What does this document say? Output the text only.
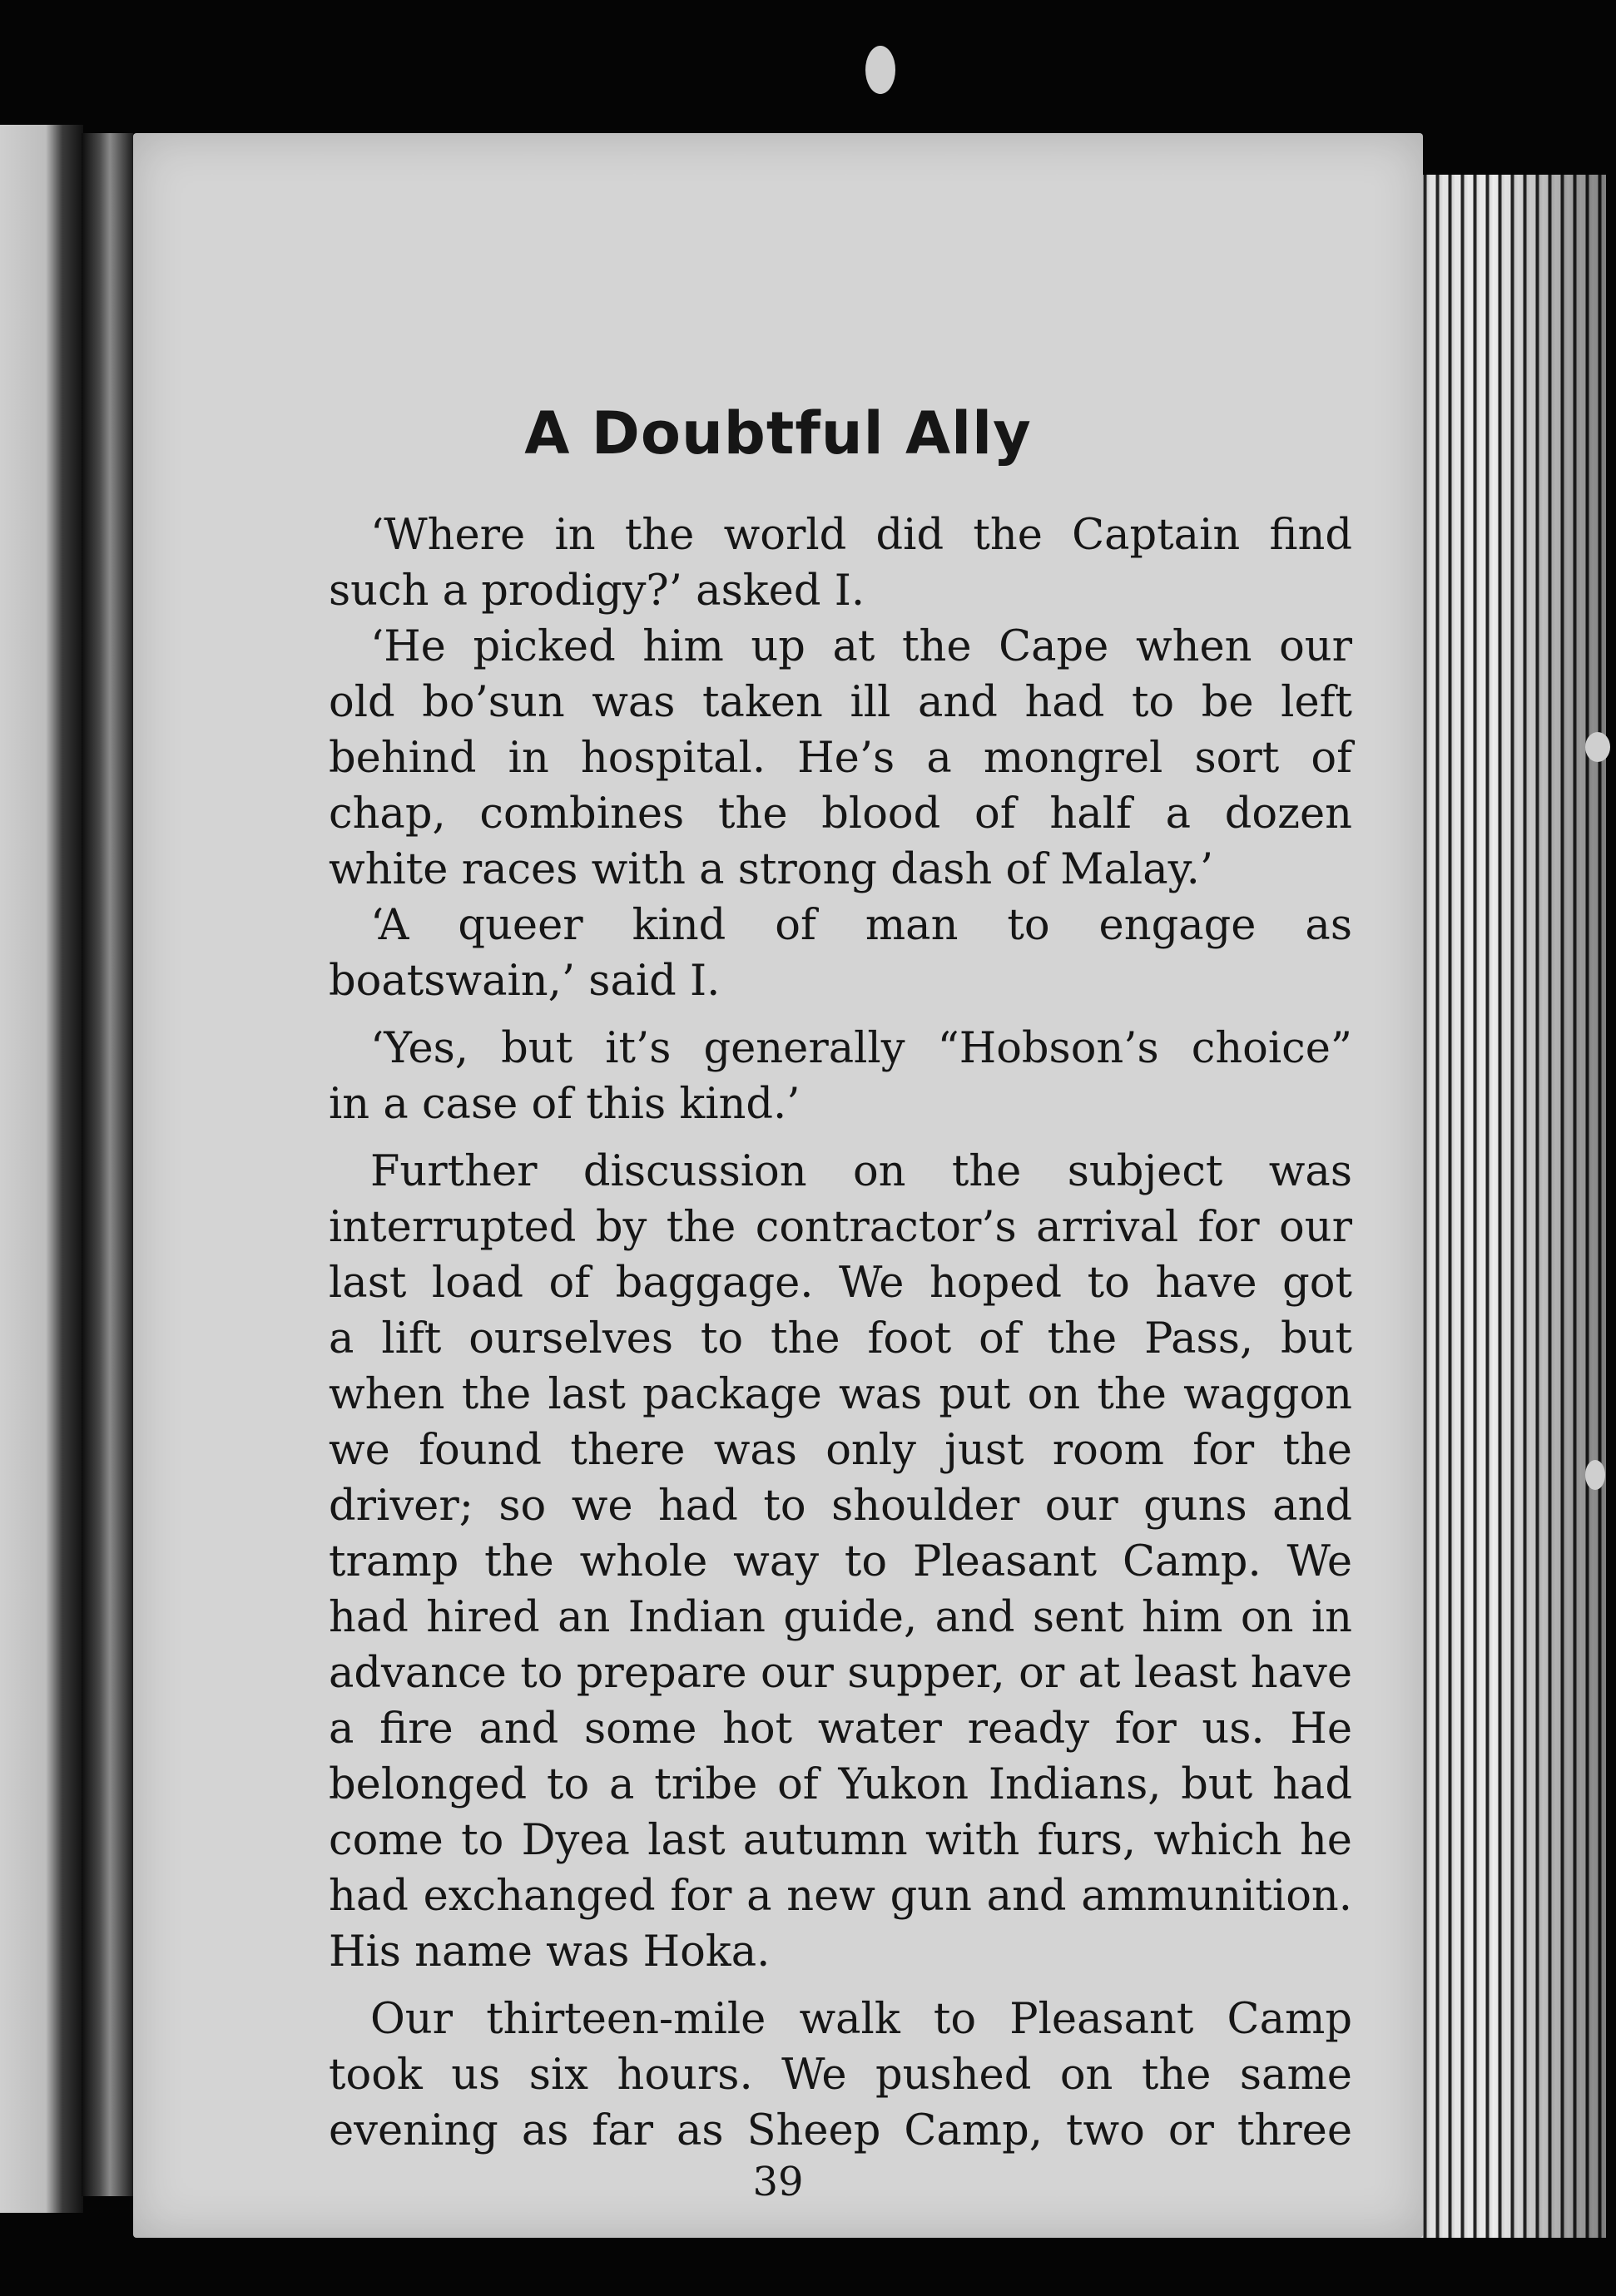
A Doubtful Ally
‘Where in the world did the Captain find
such a prodigy?’ asked I.
‘He picked him up at the Cape when our
old bo’sun was taken ill and had to be left
behind in hospital. He’s a mongrel sort of
chap, combines the blood of half a dozen
white races with a strong dash of Malay.’
‘A queer kind of man to engage as
boatswain,’ said I.
‘Yes, but it’s generally “Hobson’s choice”
in a case of this kind.’
Further discussion on the subject was
interrupted by the contractor’s arrival for our
last load of baggage. We hoped to have got
a lift ourselves to the foot of the Pass, but
when the last package was put on the waggon
we found there was only just room for the
driver; so we had to shoulder our guns and
tramp the whole way to Pleasant Camp. We
had hired an Indian guide, and sent him on in
advance to prepare our supper, or at least have
a fire and some hot water ready for us. He
belonged to a tribe of Yukon Indians, but had
come to Dyea last autumn with furs, which he
had exchanged for a new gun and ammunition.
His name was Hoka.
Our thirteen-mile walk to Pleasant Camp
took us six hours. We pushed on the same
evening as far as Sheep Camp, two or three
39
